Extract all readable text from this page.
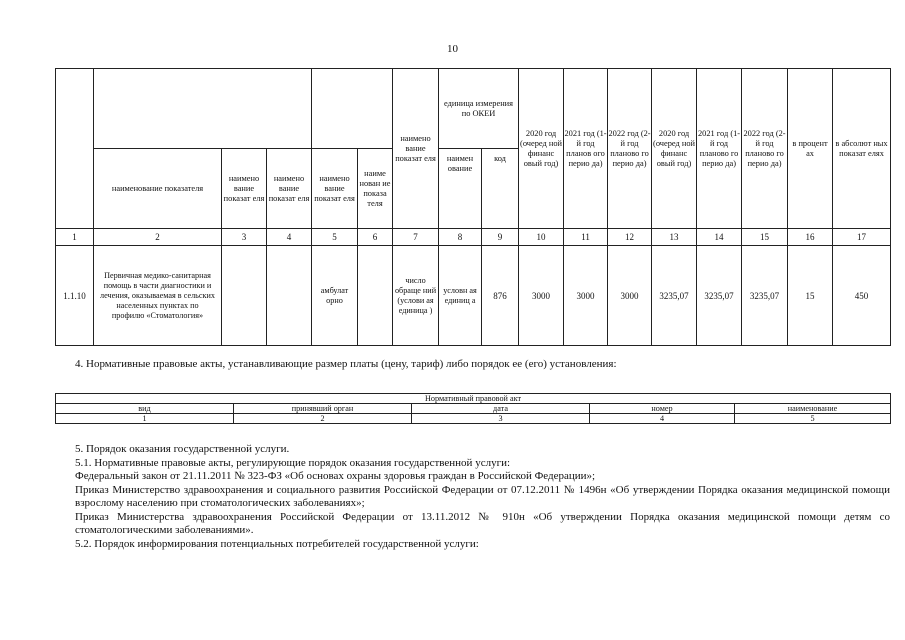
10
						наимено вание показат еля	единица измерения по ОКЕИ		2020 год (очеред ной финанс овый год)	2021 год (1-й год планов ого перио да)	2022 год (2-й год планово го перио да)	2020 год (очеред ной финанс овый год)	2021 год (1-й год планово го перио да)	2022 год (2-й год планово го перио да)	в процент ах	в абсолют ных показат елях
	наименование показателя	наимено вание показат еля	наимено вание показат еля	наимено вание показат еля	наиме нован ие показа теля		наимен ование	код								
1	2	3	4	5	6	7	8	9	10	11	12	13	14	15	16	17
1.1.10	Первичная медико-санитарная помощь в части диагностики и лечения, оказываемая в сельских населенных пунктах по профилю «Стоматология»			амбулат орно		число обраще ний (услови ая единица )	условн ая единиц а	876	3000	3000	3000	3235,07	3235,07	3235,07	15	450
4. Нормативные правовые акты, устанавливающие размер платы (цену, тариф) либо порядок ее (его) установления:
Нормативный правовой акт				
вид	принявший орган	дата	номер	наименование
1	2	3	4	5

5. Порядок оказания государственной услуги.

5.1. Нормативные правовые акты, регулирующие порядок оказания государственной услуги:

Федеральный закон от 21.11.2011 № 323-ФЗ «Об основах охраны здоровья граждан в Российской Федерации»;

Приказ Министерство здравоохранения и социального развития Российской Федерации от 07.12.2011 № 1496н «Об утверждении Порядка оказания медицинской помощи взрослому населению при стоматологических заболеваниях»;

Приказ Министерства здравоохранения Российской Федерации от 13.11.2012 № 910н «Об утверждении Порядка оказания медицинской помощи детям со стоматологическими заболеваниями».

5.2. Порядок информирования потенциальных потребителей государственной услуги:
